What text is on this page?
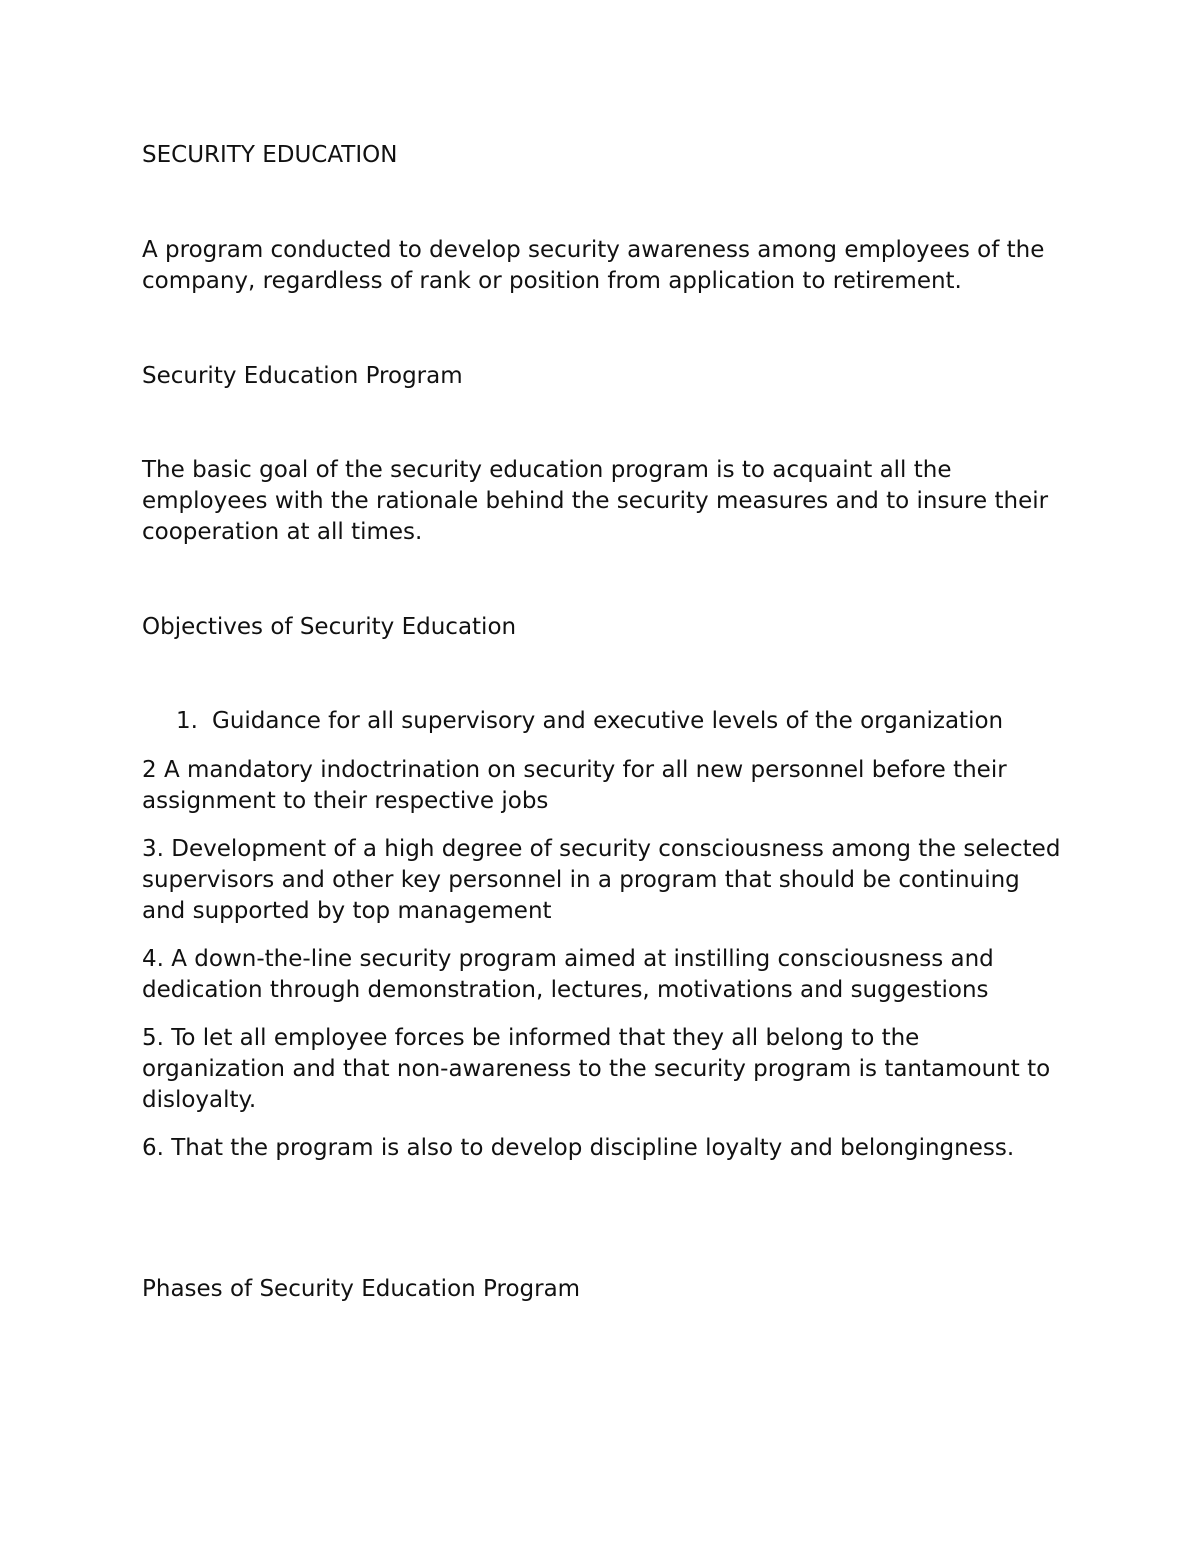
SECURITY EDUCATION

A program conducted to develop security awareness among employees of the company, regardless of rank or position from application to retirement.

Security Education Program

The basic goal of the security education program is to acquaint all the employees with the rationale behind the security measures and to insure their cooperation at all times.

Objectives of Security Education

1. Guidance for all supervisory and executive levels of the organization

2 A mandatory indoctrination on security for all new personnel before their assignment to their respective jobs

3. Development of a high degree of security consciousness among the selected supervisors and other key personnel in a program that should be continuing and supported by top management

4. A down-the-line security program aimed at instilling consciousness and dedication through demonstration, lectures, motivations and suggestions

5. To let all employee forces be informed that they all belong to the organization and that non-awareness to the security program is tantamount to disloyalty.

6. That the program is also to develop discipline loyalty and belongingness.

Phases of Security Education Program
